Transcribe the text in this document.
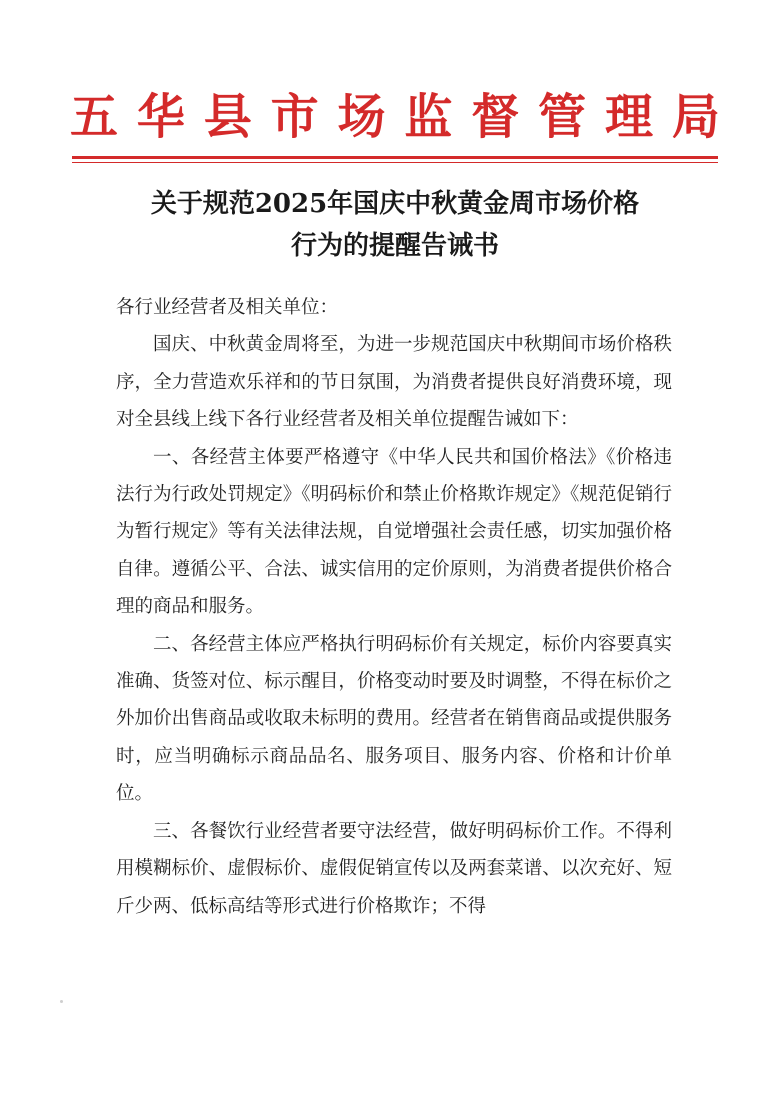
五 华 县 市 场 监 督 管 理 局
关于规范2025年国庆中秋黄金周市场价格
行为的提醒告诫书

各行业经营者及相关单位：

国庆、中秋黄金周将至，为进一步规范国庆中秋期间市场价格秩序，全力营造欢乐祥和的节日氛围，为消费者提供良好消费环境，现对全县线上线下各行业经营者及相关单位提醒告诫如下：

一、各经营主体要严格遵守《中华人民共和国价格法》《价格违法行为行政处罚规定》《明码标价和禁止价格欺诈规定》《规范促销行为暂行规定》等有关法律法规，自觉增强社会责任感，切实加强价格自律。遵循公平、合法、诚实信用的定价原则，为消费者提供价格合理的商品和服务。

二、各经营主体应严格执行明码标价有关规定，标价内容要真实准确、货签对位、标示醒目，价格变动时要及时调整，不得在标价之外加价出售商品或收取未标明的费用。经营者在销售商品或提供服务时，应当明确标示商品品名、服务项目、服务内容、价格和计价单位。

三、各餐饮行业经营者要守法经营，做好明码标价工作。不得利用模糊标价、虚假标价、虚假促销宣传以及两套菜谱、以次充好、短斤少两、低标高结等形式进行价格欺诈；不得
